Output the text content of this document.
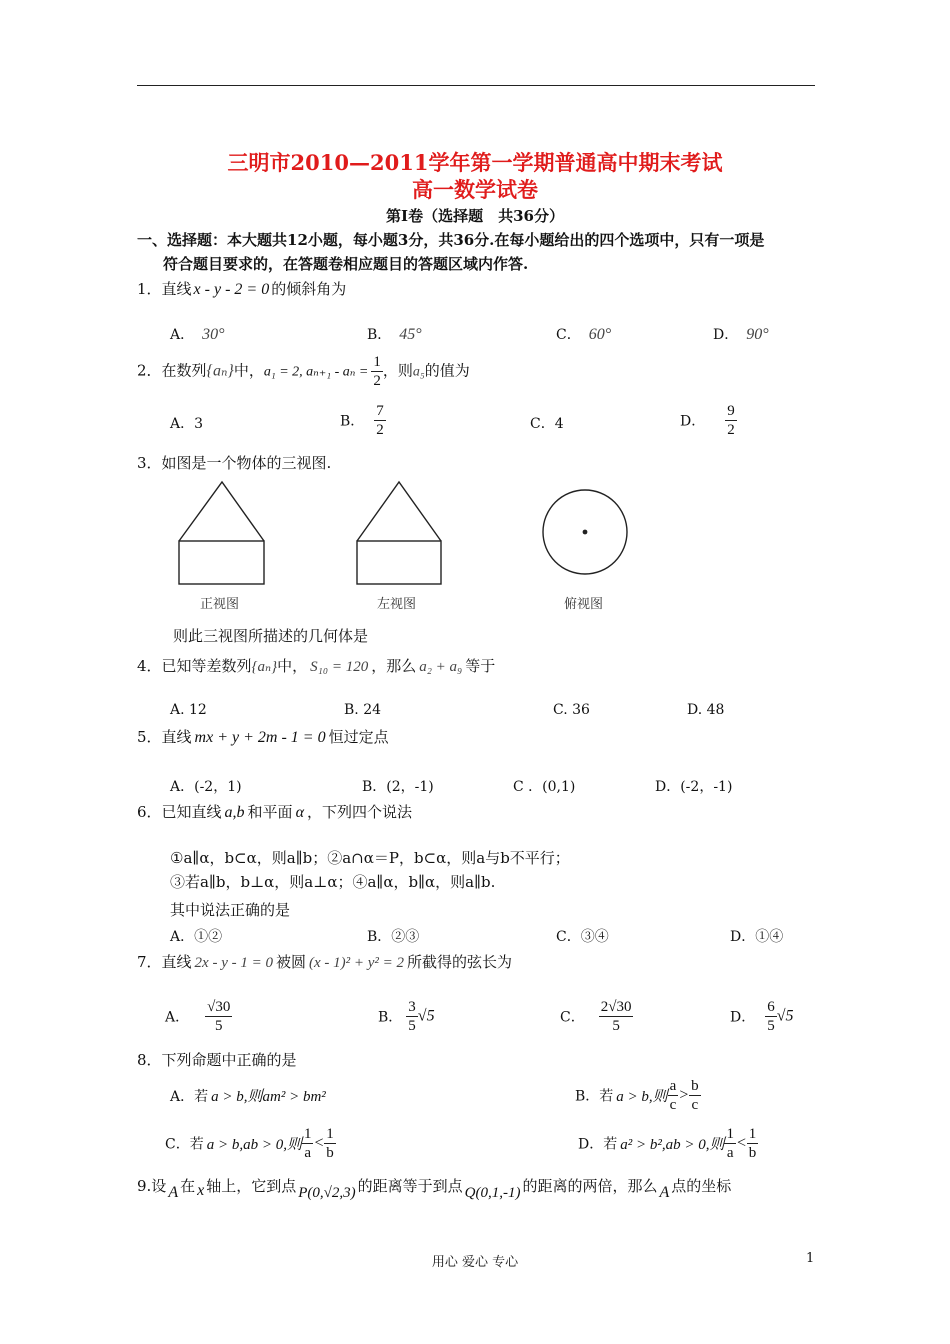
三明市2010—2011学年第一学期普通高中期末考试
高一数学试卷
第Ⅰ卷（选择题　共36分）
一、选择题：本大题共12小题，每小题3分，共36分.在每小题给出的四个选项中，只有一项是
符合题目要求的，在答题卷相应题目的答题区域内作答.
1．直线 x - y - 2 = 0 的倾斜角为
A． 30°	B． 45°	C． 60°	D． 90°
2．在数列{aₙ}中，a₁ = 2, $a_{n+1} - a_n = \frac{1}{2}$ ，则a₅的值为
A．3	B． $\frac{7}{2}$	C．4	D． $\frac{9}{2}$
3．如图是一个物体的三视图.
正视图	左视图	俯视图
则此三视图所描述的几何体是
4．已知等差数列{aₙ}中， S₁₀ = 120 ，那么 a₂ + a₉ 等于
A. 12	B. 24	C. 36	D. 48
5．直线 mx + y + 2m - 1 = 0 恒过定点
A．(-2，1)	B．(2，-1)	C ．(0,1)	D．(-2，-1)
6．已知直线 a,b 和平面 α ，下列四个说法
①a∥α，b⊂α，则a∥b；②a∩α＝P，b⊂α，则a与b不平行；
③若a∥b，b⊥α，则a⊥α；④a∥α，b∥α，则a∥b.
其中说法正确的是
A．①②	B．②③	C．③④	D．①④
7．直线 2x - y - 1 = 0 被圆 (x - 1)² + y² = 2 所截得的弦长为
A． $\frac{√30}{5}$	B． $\frac{3}{5} √5$	C． $\frac{2√30}{5}$	D． $\frac{6}{5} √5$
8．下列命题中正确的是
A．若 a > b,则am² > bm²	B．若 a > b,则 $\frac{a}{c} > \frac{b}{c}$
C．若 a > b,ab > 0,则 $\frac{1}{a} < \frac{1}{b}$	D．若 a² > b²,ab > 0,则 $\frac{1}{a} < \frac{1}{b}$
9.设 A 在 x 轴上，它到点 P(0,√2,3) 的距离等于到点 Q(0,1,-1) 的距离的两倍，那么 A 点的坐标
用心 爱心 专心	1
